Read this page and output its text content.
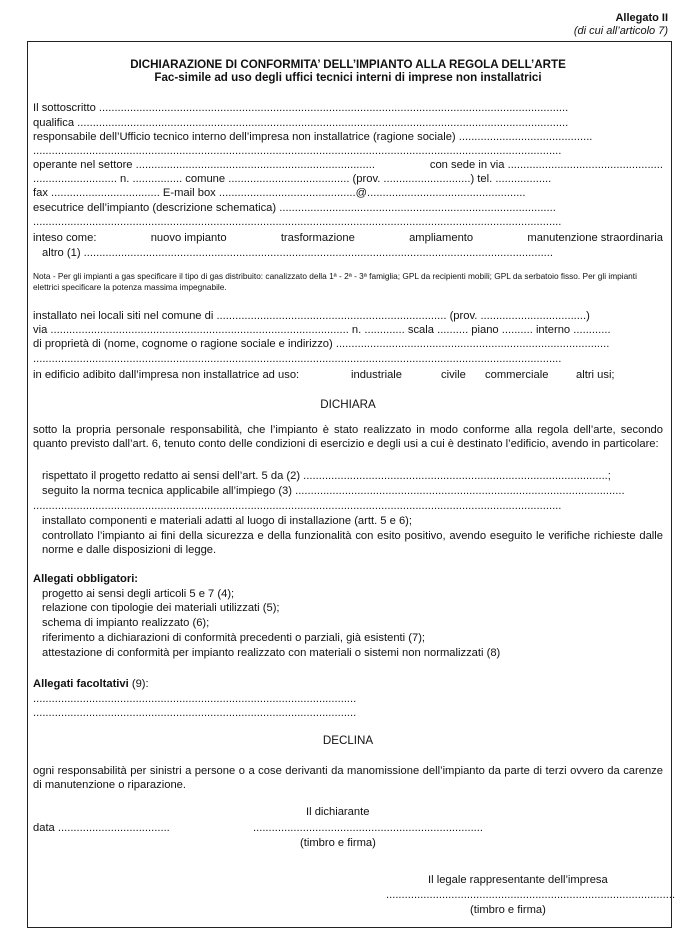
Allegato II
(di cui all’articolo 7)
DICHIARAZIONE DI CONFORMITA’ DELL’IMPIANTO ALLA REGOLA DELL’ARTE
Fac-simile ad uso degli uffici tecnici interni di imprese non installatrici
Il sottoscritto .......................................................................................................................................................
qualifica ..............................................................................................................................................................
responsabile dell’Ufficio tecnico interno dell’impresa non installatrice (ragione sociale) ...........................................
..........................................................................................................................................................................
operante nel settore .............................................................................	con sede in via ..................................................
........................... n. ................ comune ....................................... (prov. ............................) tel. ..................
fax ................................... E-mail box ............................................@...................................................
esecutrice dell’impianto (descrizione schematica) .........................................................................................
..........................................................................................................................................................................
inteso come:	nuovo impianto	trasformazione	ampliamento	manutenzione straordinaria
altro (1) .......................................................................................................................................................
Nota - Per gli impianti a gas specificare il tipo di gas distribuito: canalizzato della 1ª - 2ª - 3ª famiglia; GPL da recipienti mobili; GPL da serbatoio fisso. Per gli impianti elettrici specificare la potenza massima impegnabile.
installato nei locali siti nel comune di .......................................................................... (prov. ..................................)
via ................................................................................................ n. ............. scala .......... piano .......... interno ............
di proprietà di (nome, cognome o ragione sociale e indirizzo) ........................................................................................
..........................................................................................................................................................................
in edificio adibito dall’impresa non installatrice ad uso:	industriale	civile commerciale altri usi;
DICHIARA
sotto la propria personale responsabilità, che l’impianto è stato realizzato in modo conforme alla regola dell’arte, secondo quanto previsto dall’art. 6, tenuto conto delle condizioni di esercizio e degli usi a cui è destinato l’edificio, avendo in particolare:
rispettato il progetto redatto ai sensi dell’art. 5 da (2) ..................................................................................................;
seguito la norma tecnica applicabile all’impiego (3) ..........................................................................................................
..........................................................................................................................................................................
installato componenti e materiali adatti al luogo di installazione (artt. 5 e 6);
controllato l’impianto ai fini della sicurezza e della funzionalità con esito positivo, avendo eseguito le verifiche richieste dalle norme e dalle disposizioni di legge.
Allegati obbligatori:
progetto ai sensi degli articoli 5 e 7 (4);
relazione con tipologie dei materiali utilizzati (5);
schema di impianto realizzato (6);
riferimento a dichiarazioni di conformità precedenti o parziali, già esistenti (7);
attestazione di conformità per impianto realizzato con materiali o sistemi non normalizzati (8)
Allegati facoltativi (9):
........................................................................................................
........................................................................................................
DECLINA
ogni responsabilità per sinistri a persone o a cose derivanti da manomissione dell’impianto da parte di terzi ovvero da carenze di manutenzione o riparazione.
Il dichiarante
data ....................................	..........................................................................
(timbro e firma)
Il legale rappresentante dell’impresa
.............................................................................................
(timbro e firma)
